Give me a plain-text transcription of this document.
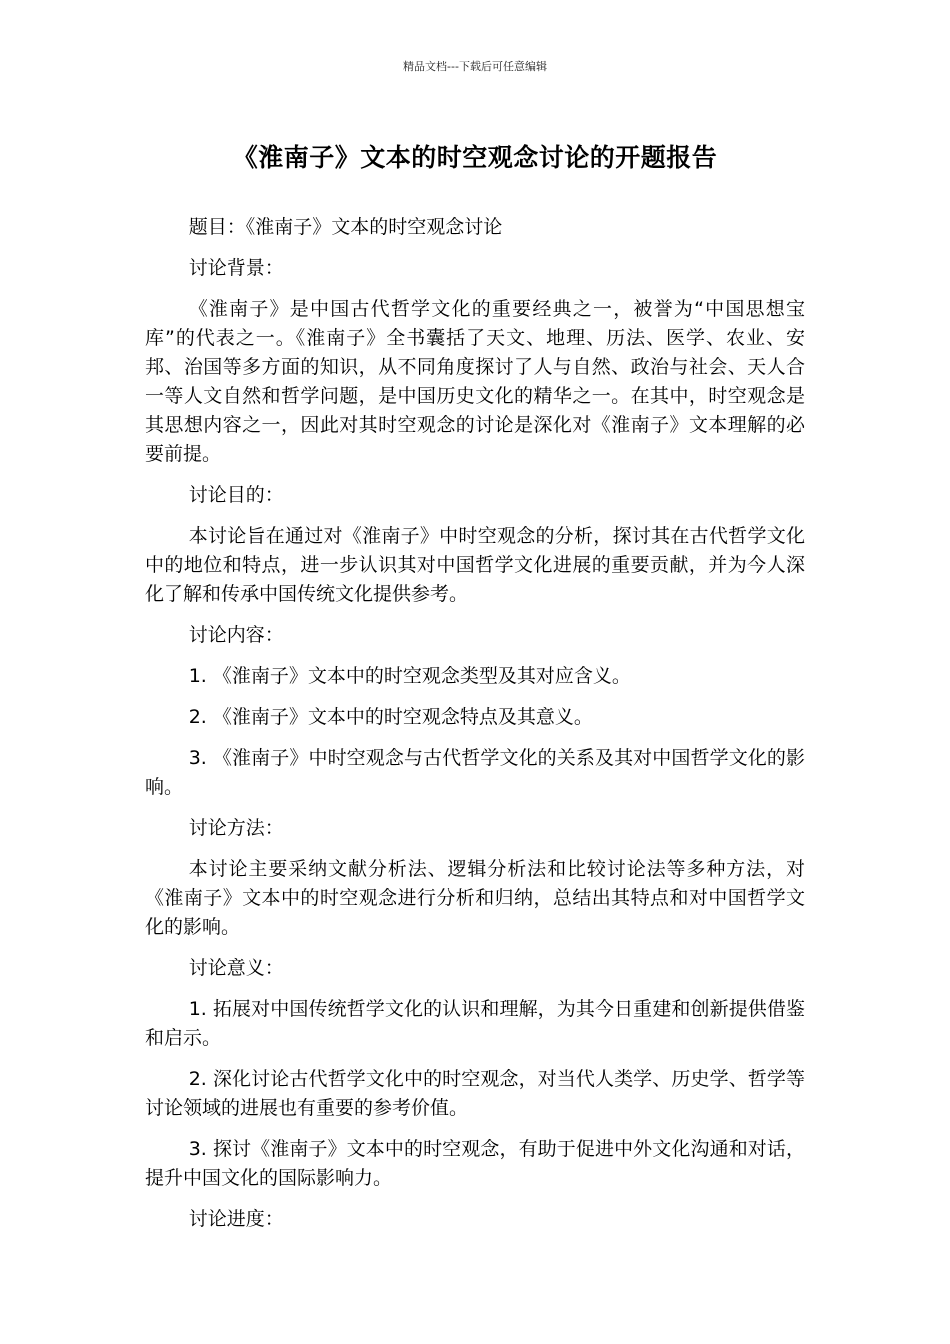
精品文档---下载后可任意编辑
《淮南子》文本的时空观念讨论的开题报告

题目：《淮南子》文本的时空观念讨论

讨论背景：

《淮南子》是中国古代哲学文化的重要经典之一，被誉为“中国思想宝库”的代表之一。《淮南子》全书囊括了天文、地理、历法、医学、农业、安邦、治国等多方面的知识，从不同角度探讨了人与自然、政治与社会、天人合一等人文自然和哲学问题，是中国历史文化的精华之一。在其中，时空观念是其思想内容之一，因此对其时空观念的讨论是深化对《淮南子》文本理解的必要前提。

讨论目的：

本讨论旨在通过对《淮南子》中时空观念的分析，探讨其在古代哲学文化中的地位和特点，进一步认识其对中国哲学文化进展的重要贡献，并为今人深化了解和传承中国传统文化提供参考。

讨论内容：

1. 《淮南子》文本中的时空观念类型及其对应含义。

2. 《淮南子》文本中的时空观念特点及其意义。

3. 《淮南子》中时空观念与古代哲学文化的关系及其对中国哲学文化的影响。

讨论方法：

本讨论主要采纳文献分析法、逻辑分析法和比较讨论法等多种方法，对《淮南子》文本中的时空观念进行分析和归纳，总结出其特点和对中国哲学文化的影响。

讨论意义：

1. 拓展对中国传统哲学文化的认识和理解，为其今日重建和创新提供借鉴和启示。

2. 深化讨论古代哲学文化中的时空观念，对当代人类学、历史学、哲学等讨论领域的进展也有重要的参考价值。

3. 探讨《淮南子》文本中的时空观念，有助于促进中外文化沟通和对话，提升中国文化的国际影响力。

讨论进度：
